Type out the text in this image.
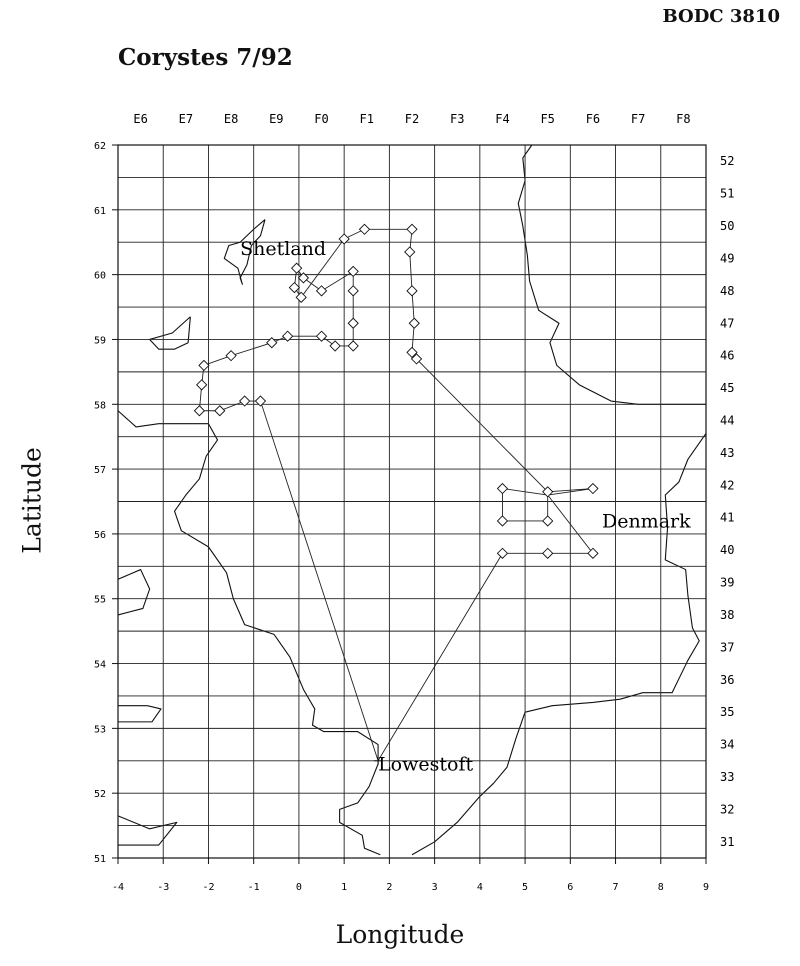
BODC 3810
Corystes 7/92
-4	-3	-2	-1	0	1	2	3	4	5	6	7	8	9
51
52
53
54
55
56
57
58
59
60
61
62
E6	E7	E8	E9	F0	F1	F2	F3	F4	F5	F6	F7	F8
52
51
50
49
48
47
46
45
44
43
42
41
40
39
38
37
36
35
34
33
32
31
Shetland
Denmark
Lowestoft
Longitude
Latitude
